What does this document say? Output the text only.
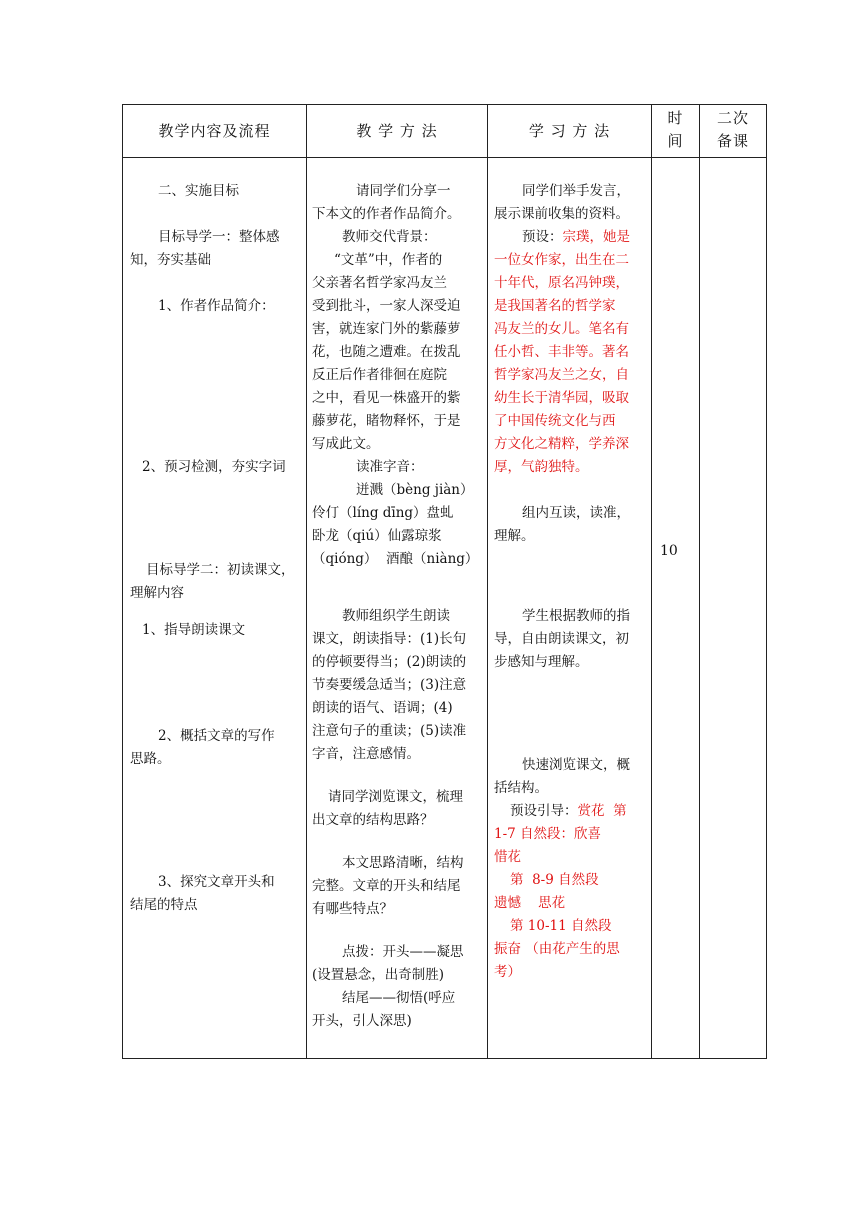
教学内容及流程	教 学 方 法	学 习 方 法
时
间
二次
备课

二、实施目标

目标导学一：整体感

知，夯实基础

1、作者作品简介：

2、预习检测，夯实字词

目标导学二：初读课文，

理解内容

1、指导朗读课文

2、概括文章的写作

思路。

3、探究文章开头和

结尾的特点

请同学们分享一

下本文的作者作品简介。

教师交代背景：

“文革”中，作者的

父亲著名哲学家冯友兰

受到批斗，一家人深受迫

害，就连家门外的紫藤萝

花，也随之遭难。在拨乱

反正后作者徘徊在庭院

之中，看见一株盛开的紫

藤萝花，睹物释怀，于是

写成此文。

读准字音：

迸溅（bèng jiàn）

伶仃（líng dīng）盘虬

卧龙（qiú）仙露琼浆

（qióng）  酒酿（niàng）

教师组织学生朗读

课文，朗读指导：(1)长句

的停顿要得当；(2)朗读的

节奏要缓急适当；(3)注意

朗读的语气、语调；(4)

注意句子的重读；(5)读准

字音，注意感情。

请同学浏览课文，梳理

出文章的结构思路？

本文思路清晰，结构

完整。文章的开头和结尾

有哪些特点？

点拨：开头——凝思

(设置悬念，出奇制胜)

结尾——彻悟(呼应

开头，引人深思)

同学们举手发言，

展示课前收集的资料。

预设：宗璞，她是

一位女作家，出生在二

十年代，原名冯钟璞，

是我国著名的哲学家

冯友兰的女儿。笔名有

任小哲、丰非等。著名

哲学家冯友兰之女，自

幼生长于清华园，吸取

了中国传统文化与西

方文化之精粹，学养深

厚，气韵独特。

组内互读，读准，

理解。

学生根据教师的指

导，自由朗读课文，初

步感知与理解。

快速浏览课文，概

括结构。

预设引导：赏花  第

1-7 自然段：欣喜

惜花

第  8-9 自然段

遗憾    思花

第 10-11 自然段

振奋 （由花产生的思

考）

10
